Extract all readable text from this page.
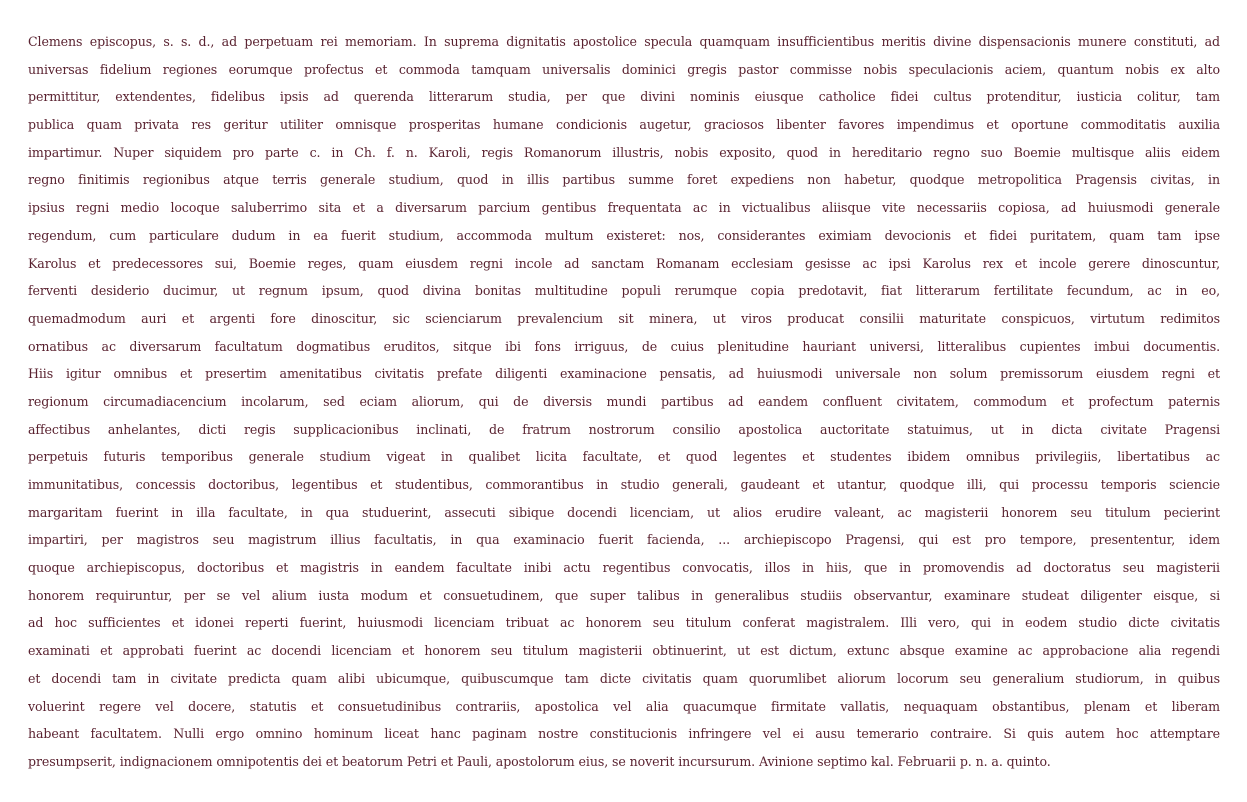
Clemens episcopus, s. s. d., ad perpetuam rei memoriam. In suprema dignitatis apostolice specula quamquam insufficientibus meritis divine dispensacionis munere constituti, ad
universas fidelium regiones eorumque profectus et commoda tamquam universalis dominici gregis pastor commisse nobis speculacionis aciem, quantum nobis ex alto
permittitur, extendentes, fidelibus ipsis ad querenda litterarum studia, per que divini nominis eiusque catholice fidei cultus protenditur, iusticia colitur, tam
publica quam privata res geritur utiliter omnisque prosperitas humane condicionis augetur, graciosos libenter favores impendimus et oportune commoditatis auxilia
impartimur. Nuper siquidem pro parte c. in Ch. f. n. Karoli, regis Romanorum illustris, nobis exposito, quod in hereditario regno suo Boemie multisque aliis eidem
regno finitimis regionibus atque terris generale studium, quod in illis partibus summe foret expediens non habetur, quodque metropolitica Pragensis civitas, in
ipsius regni medio locoque saluberrimo sita et a diversarum parcium gentibus frequentata ac in victualibus aliisque vite necessariis copiosa, ad huiusmodi generale
regendum, cum particulare dudum in ea fuerit studium, accommoda multum existeret: nos, considerantes eximiam devocionis et fidei puritatem, quam tam ipse
Karolus et predecessores sui, Boemie reges, quam eiusdem regni incole ad sanctam Romanam ecclesiam gesisse ac ipsi Karolus rex et incole gerere dinoscuntur,
ferventi desiderio ducimur, ut regnum ipsum, quod divina bonitas multitudine populi rerumque copia predotavit, fiat litterarum fertilitate fecundum, ac in eo,
quemadmodum auri et argenti fore dinoscitur, sic scienciarum prevalencium sit minera, ut viros producat consilii maturitate conspicuos, virtutum redimitos
ornatibus ac diversarum facultatum dogmatibus eruditos, sitque ibi fons irriguus, de cuius plenitudine hauriant universi, litteralibus cupientes imbui documentis.
Hiis igitur omnibus et presertim amenitatibus civitatis prefate diligenti examinacione pensatis, ad huiusmodi universale non solum premissorum eiusdem regni et
regionum circumadiacencium incolarum, sed eciam aliorum, qui de diversis mundi partibus ad eandem confluent civitatem, commodum et profectum paternis
affectibus anhelantes, dicti regis supplicacionibus inclinati, de fratrum nostrorum consilio apostolica auctoritate statuimus, ut in dicta civitate Pragensi
perpetuis futuris temporibus generale studium vigeat in qualibet licita facultate, et quod legentes et studentes ibidem omnibus privilegiis, libertatibus ac
immunitatibus, concessis doctoribus, legentibus et studentibus, commorantibus in studio generali, gaudeant et utantur, quodque illi, qui processu temporis sciencie
margaritam fuerint in illa facultate, in qua studuerint, assecuti sibique docendi licenciam, ut alios erudire valeant, ac magisterii honorem seu titulum pecierint
impartiri, per magistros seu magistrum illius facultatis, in qua examinacio fuerit facienda, ... archiepiscopo Pragensi, qui est pro tempore, presententur, idem
quoque archiepiscopus, doctoribus et magistris in eandem facultate inibi actu regentibus convocatis, illos in hiis, que in promovendis ad doctoratus seu magisterii
honorem requiruntur, per se vel alium iusta modum et consuetudinem, que super talibus in generalibus studiis observantur, examinare studeat diligenter eisque, si
ad hoc sufficientes et idonei reperti fuerint, huiusmodi licenciam tribuat ac honorem seu titulum conferat magistralem. Illi vero, qui in eodem studio dicte civitatis
examinati et approbati fuerint ac docendi licenciam et honorem seu titulum magisterii obtinuerint, ut est dictum, extunc absque examine ac approbacione alia regendi
et docendi tam in civitate predicta quam alibi ubicumque, quibuscumque tam dicte civitatis quam quorumlibet aliorum locorum seu generalium studiorum, in quibus
voluerint regere vel docere, statutis et consuetudinibus contrariis, apostolica vel alia quacumque firmitate vallatis, nequaquam obstantibus, plenam et liberam
habeant facultatem. Nulli ergo omnino hominum liceat hanc paginam nostre constitucionis infringere vel ei ausu temerario contraire. Si quis autem hoc attemptare
presumpserit, indignacionem omnipotentis dei et beatorum Petri et Pauli, apostolorum eius, se noverit incursurum. Avinione septimo kal. Februarii p. n. a. quinto.
